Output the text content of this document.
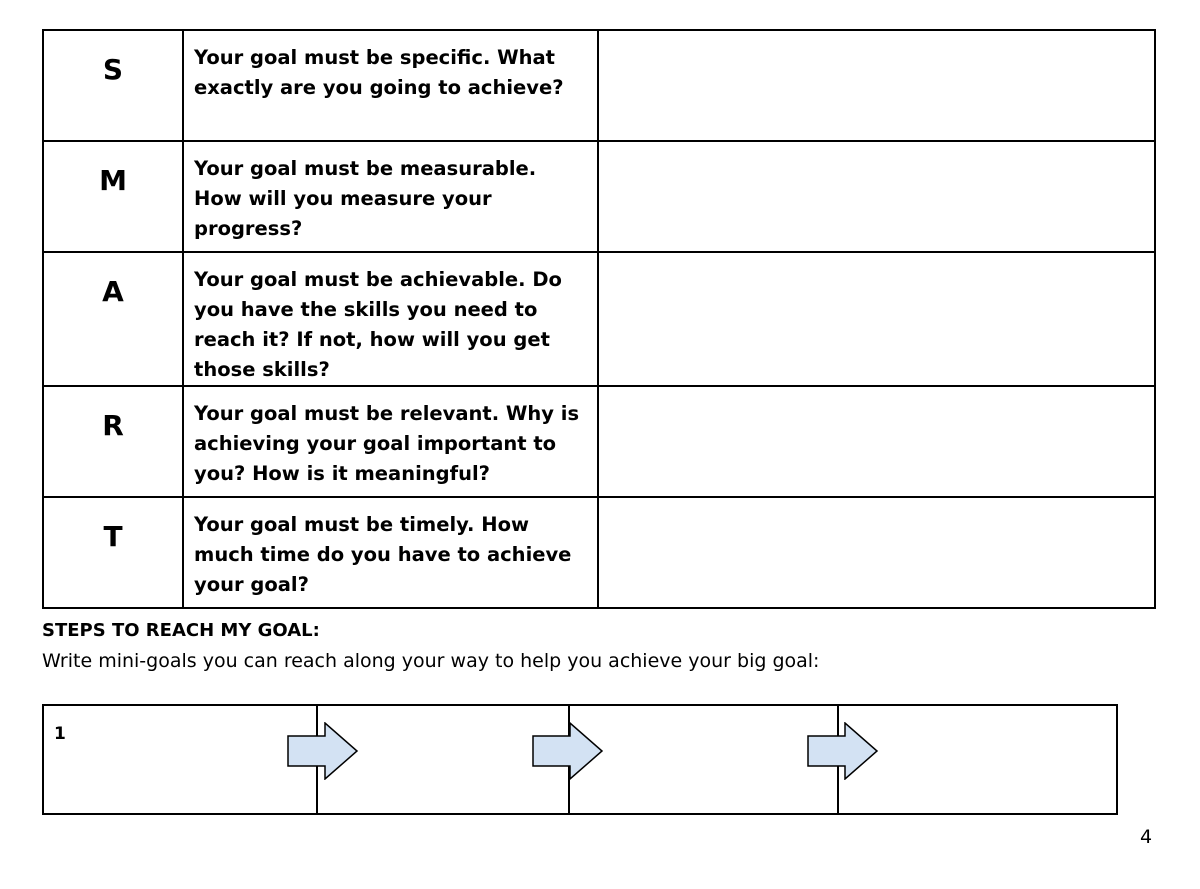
S	Your goal must be specific. What exactly are you going to achieve?	
M	Your goal must be measurable. How will you measure your progress?	
A	Your goal must be achievable. Do you have the skills you need to reach it? If not, how will you get those skills?	
R	Your goal must be relevant. Why is achieving your goal important to you? How is it meaningful?	
T	Your goal must be timely. How much time do you have to achieve your goal?	
STEPS TO REACH MY GOAL:
Write mini-goals you can reach along your way to help you achieve your big goal:
1
4
